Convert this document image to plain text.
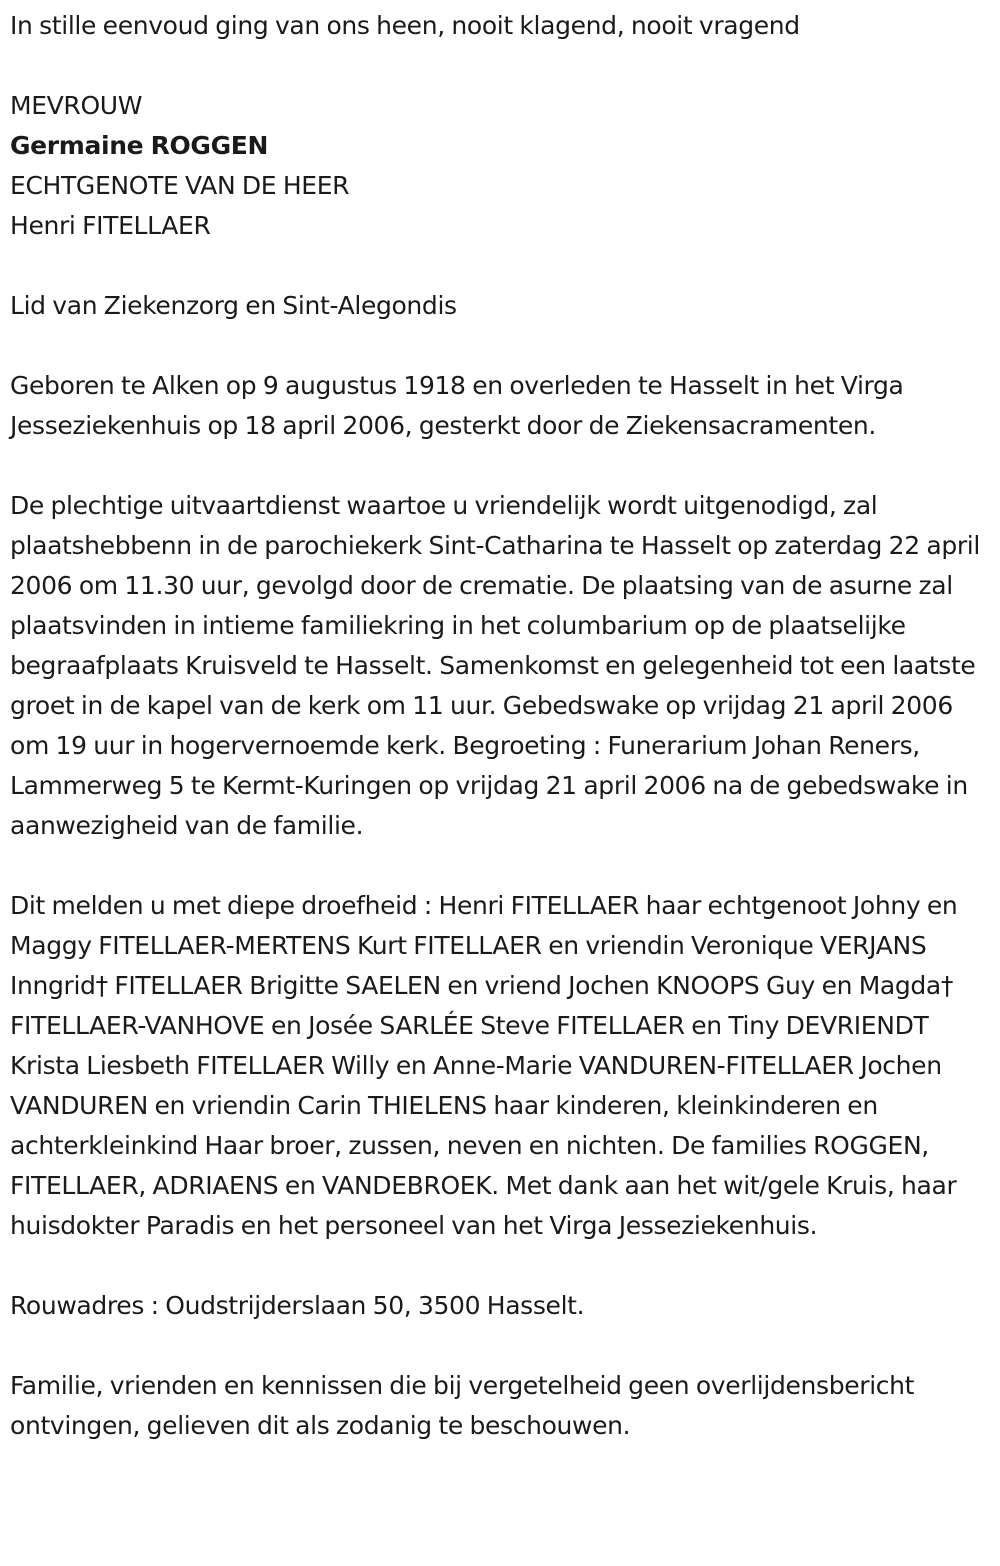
In stille eenvoud ging van ons heen, nooit klagend, nooit vragend

MEVROUW

Germaine ROGGEN

ECHTGENOTE VAN DE HEER

Henri FITELLAER

Lid van Ziekenzorg en Sint-Alegondis

Geboren te Alken op 9 augustus 1918 en overleden te Hasselt in het Virga Jesseziekenhuis op 18 april 2006, gesterkt door de Ziekensacramenten.

De plechtige uitvaartdienst waartoe u vriendelijk wordt uitgenodigd, zal plaatshebbenn in de parochiekerk Sint-Catharina te Hasselt op zaterdag 22 april 2006 om 11.30 uur, gevolgd door de crematie. De plaatsing van de asurne zal plaatsvinden in intieme familiekring in het columbarium op de plaatselijke begraafplaats Kruisveld te Hasselt. Samenkomst en gelegenheid tot een laatste groet in de kapel van de kerk om 11 uur. Gebedswake op vrijdag 21 april 2006 om 19 uur in hogervernoemde kerk. Begroeting : Funerarium Johan Reners, Lammerweg 5 te Kermt-Kuringen op vrijdag 21 april 2006 na de gebedswake in aanwezigheid van de familie.

Dit melden u met diepe droefheid : Henri FITELLAER haar echtgenoot Johny en Maggy FITELLAER-MERTENS Kurt FITELLAER en vriendin Veronique VERJANS Inngrid† FITELLAER Brigitte SAELEN en vriend Jochen KNOOPS Guy en Magda† FITELLAER-VANHOVE en Josée SARLÉE Steve FITELLAER en Tiny DEVRIENDT Krista Liesbeth FITELLAER Willy en Anne-Marie VANDUREN-FITELLAER Jochen VANDUREN en vriendin Carin THIELENS haar kinderen, kleinkinderen en achterkleinkind Haar broer, zussen, neven en nichten. De families ROGGEN, FITELLAER, ADRIAENS en VANDEBROEK. Met dank aan het wit/gele Kruis, haar huisdokter Paradis en het personeel van het Virga Jesseziekenhuis.

Rouwadres : Oudstrijderslaan 50, 3500 Hasselt.

Familie, vrienden en kennissen die bij vergetelheid geen overlijdensbericht ontvingen, gelieven dit als zodanig te beschouwen.
